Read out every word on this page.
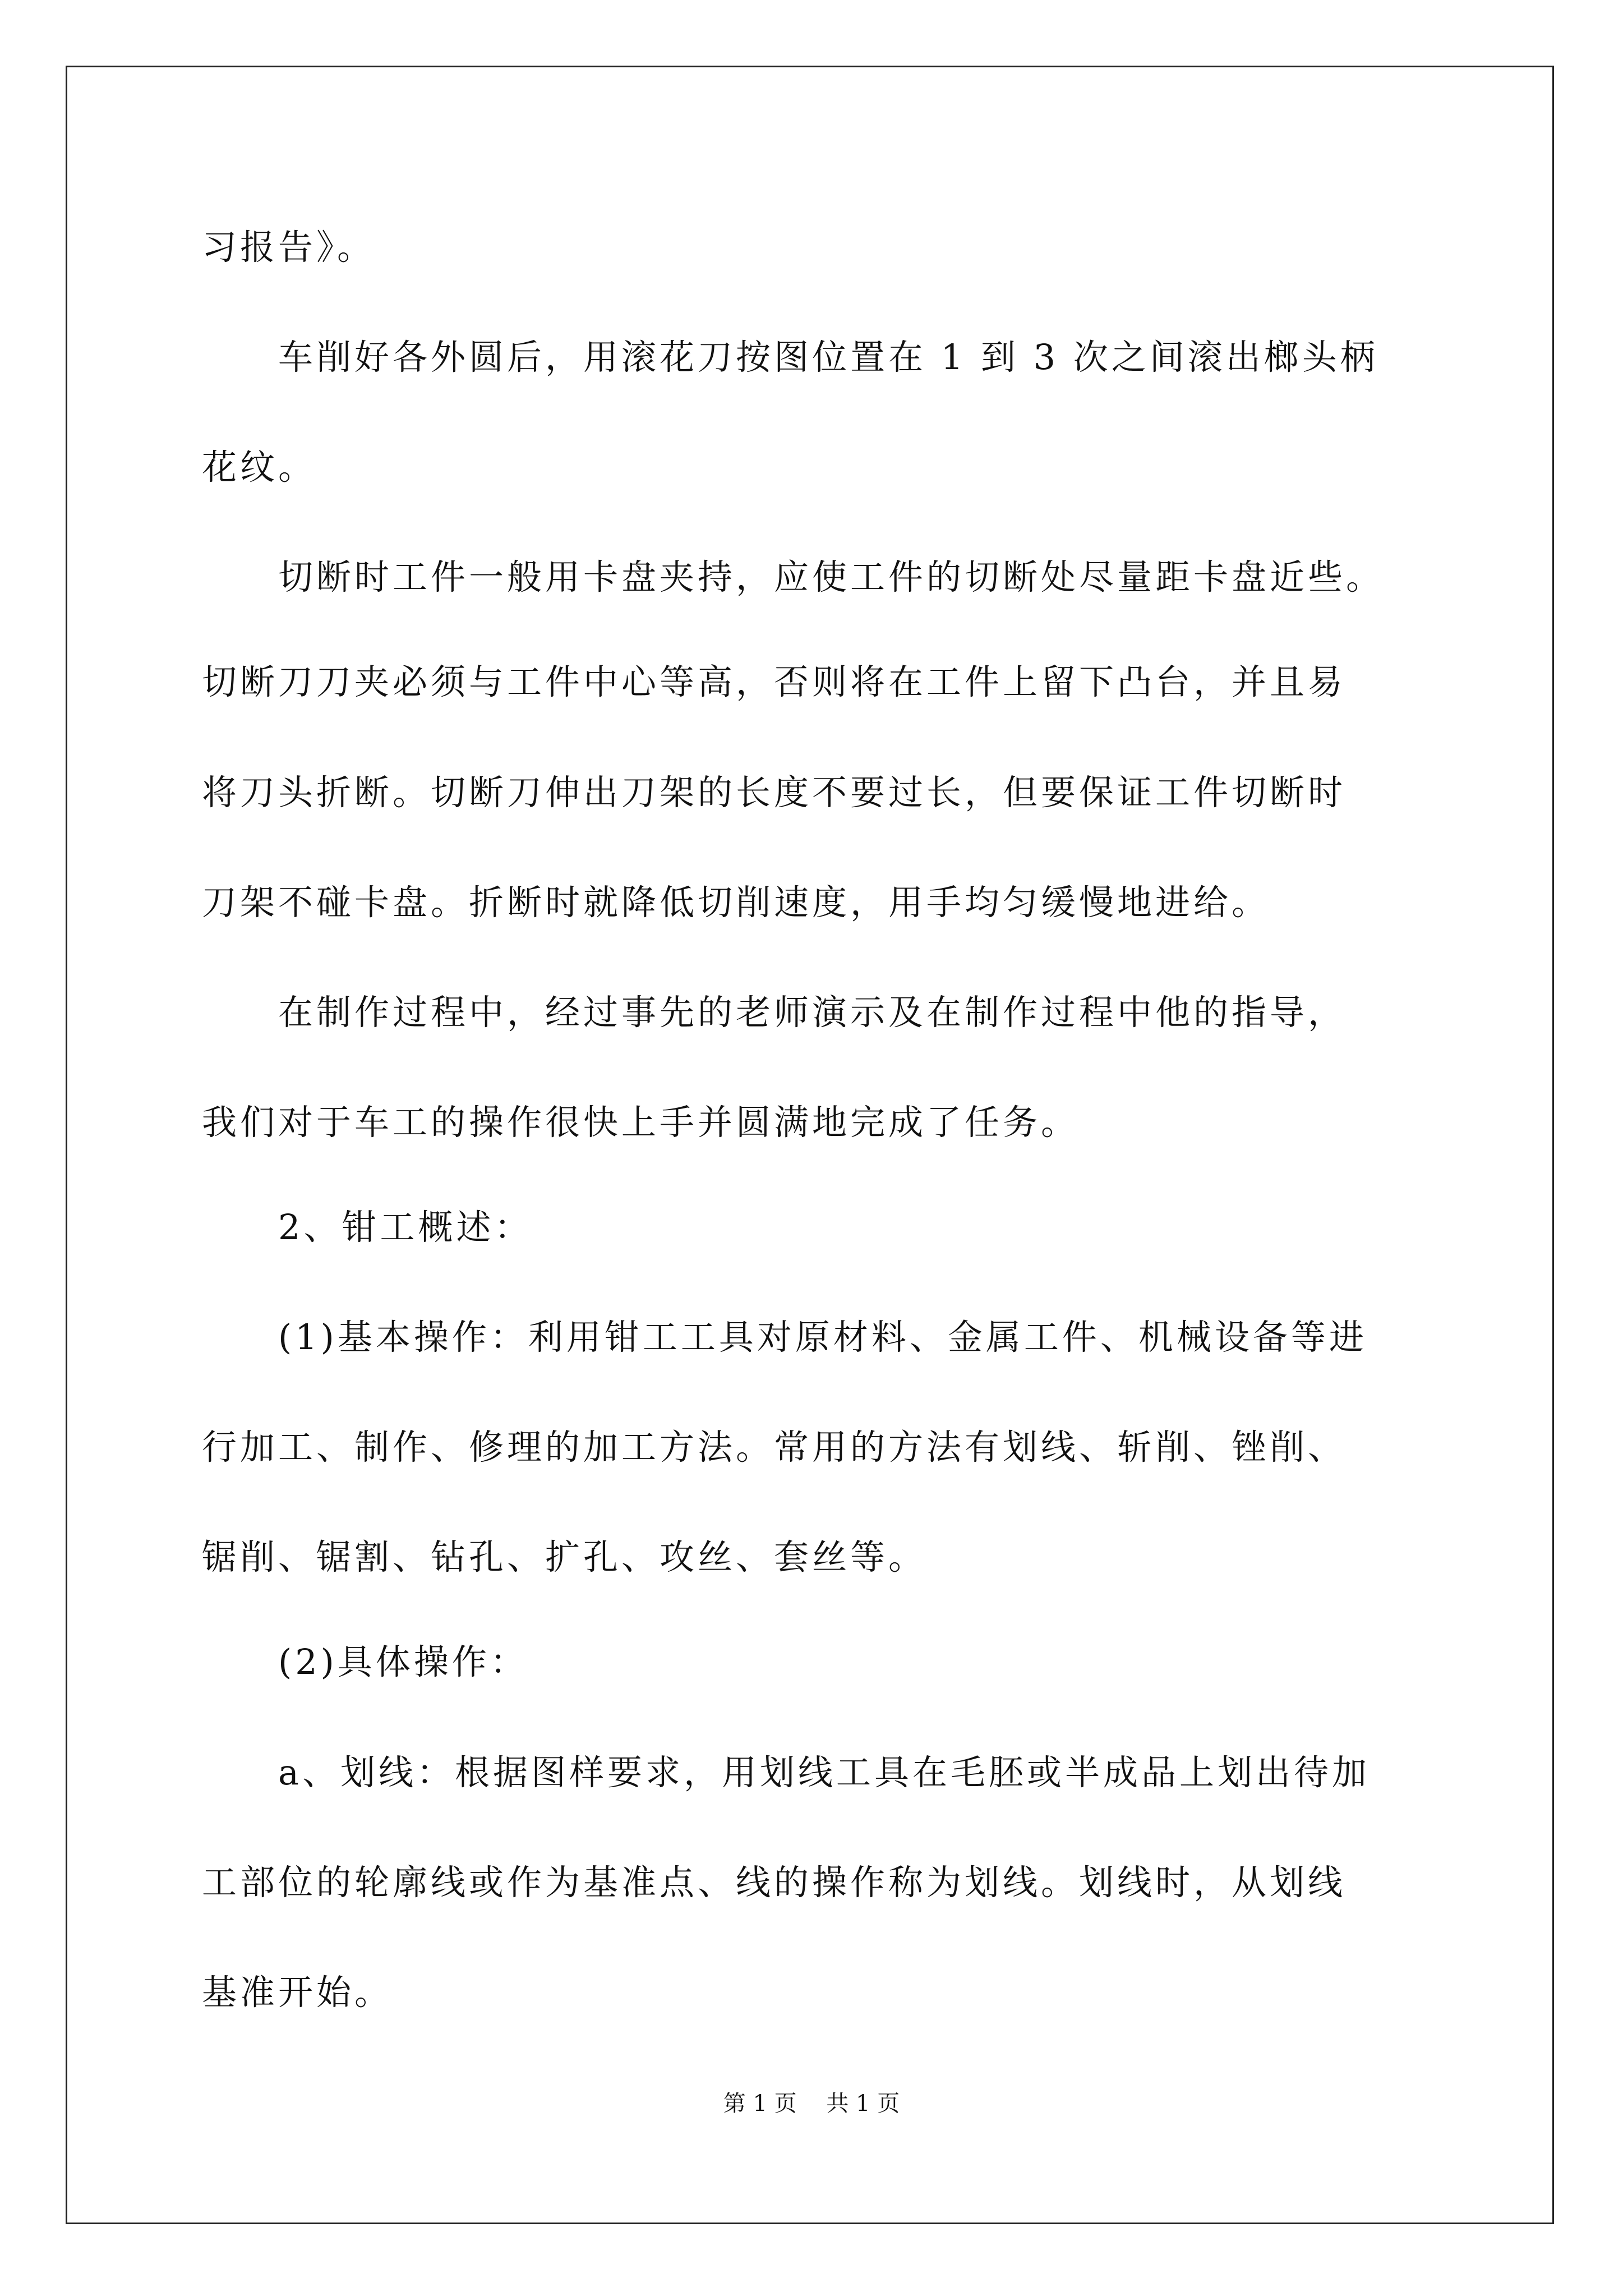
习报告》。
车削好各外圆后，用滚花刀按图位置在 1 到 3 次之间滚出榔头柄
花纹。
切断时工件一般用卡盘夹持，应使工件的切断处尽量距卡盘近些。
切断刀刀夹必须与工件中心等高，否则将在工件上留下凸台，并且易
将刀头折断。切断刀伸出刀架的长度不要过长，但要保证工件切断时
刀架不碰卡盘。折断时就降低切削速度，用手均匀缓慢地进给。
在制作过程中，经过事先的老师演示及在制作过程中他的指导，
我们对于车工的操作很快上手并圆满地完成了任务。
2、钳工概述：
(1)基本操作：利用钳工工具对原材料、金属工件、机械设备等进
行加工、制作、修理的加工方法。常用的方法有划线、斩削、锉削、
锯削、锯割、钻孔、扩孔、攻丝、套丝等。
(2)具体操作：
a、划线：根据图样要求，用划线工具在毛胚或半成品上划出待加
工部位的轮廓线或作为基准点、线的操作称为划线。划线时，从划线
基准开始。
第 1 页　 共 1 页
